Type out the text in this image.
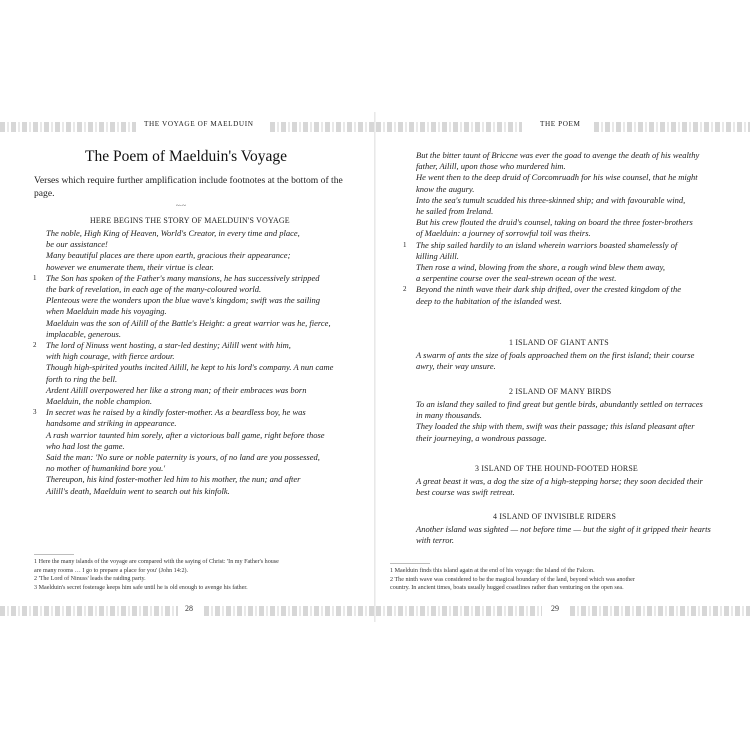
THE VOYAGE OF MAELDUIN	THE POEM
The Poem of Maelduin's Voyage
Verses which require further amplification include footnotes at the bottom of the page.
~·~
HERE BEGINS THE STORY OF MAELDUIN'S VOYAGE
The noble, High King of Heaven, World's Creator, in every time and place,
be our assistance!
Many beautiful places are there upon earth, gracious their appearance;
however we enumerate them, their virtue is clear.
1 The Son has spoken of the Father's many mansions, he has successively stripped
the bark of revelation, in each age of the many-coloured world.
Plenteous were the wonders upon the blue wave's kingdom; swift was the sailing
when Maelduin made his voyaging.
Maelduin was the son of Ailill of the Battle's Height: a great warrior was he, fierce,
implacable, generous.
2 The lord of Ninuss went hosting, a star-led destiny; Ailill went with him,
with high courage, with fierce ardour.
Though high-spirited youths incited Ailill, he kept to his lord's company. A nun came
forth to ring the bell.
Ardent Ailill overpowered her like a strong man; of their embraces was born
Maelduin, the noble champion.
3 In secret was he raised by a kindly foster-mother. As a beardless boy, he was
handsome and striking in appearance.
A rash warrior taunted him sorely, after a victorious ball game, right before those
who had lost the game.
Said the man: 'No sure or noble paternity is yours, of no land are you possessed,
no mother of humankind bore you.'
Thereupon, his kind foster-mother led him to his mother, the nun; and after
Ailill's death, Maelduin went to search out his kinfolk.
1 Here the many islands of the voyage are compared with the saying of Christ: 'In my Father's house
are many rooms … I go to prepare a place for you' (John 14:2).
2 'The Lord of Ninuss' leads the raiding party.
3 Maelduin's secret fosterage keeps him safe until he is old enough to avenge his father.
But the bitter taunt of Briccne was ever the goad to avenge the death of his wealthy
father, Ailill, upon those who murdered him.
He went then to the deep druid of Corcomruadh for his wise counsel, that he might
know the augury.
Into the sea's tumult scudded his three-skinned ship; and with favourable wind,
he sailed from Ireland.
But his crew flouted the druid's counsel, taking on board the three foster-brothers
of Maelduin: a journey of sorrowful toil was theirs.
1 The ship sailed hardily to an island wherein warriors boasted shamelessly of
killing Ailill.
Then rose a wind, blowing from the shore, a rough wind blew them away,
a serpentine course over the seal-strewn ocean of the west.
2 Beyond the ninth wave their dark ship drifted, over the crested kingdom of the
deep to the habitation of the islanded west.
1 ISLAND OF GIANT ANTS
A swarm of ants the size of foals approached them on the first island; their course
awry, their way unsure.
2 ISLAND OF MANY BIRDS
To an island they sailed to find great but gentle birds, abundantly settled on terraces
in many thousands.
They loaded the ship with them, swift was their passage; this island pleasant after
their journeying, a wondrous passage.
3 ISLAND OF THE HOUND-FOOTED HORSE
A great beast it was, a dog the size of a high-stepping horse; they soon decided their
best course was swift retreat.
4 ISLAND OF INVISIBLE RIDERS
Another island was sighted — not before time — but the sight of it gripped their hearts
with terror.
1 Maelduin finds this island again at the end of his voyage: the Island of the Falcon.
2 The ninth wave was considered to be the magical boundary of the land, beyond which was another
country. In ancient times, boats usually hugged coastlines rather than venturing on the open sea.
28	29
